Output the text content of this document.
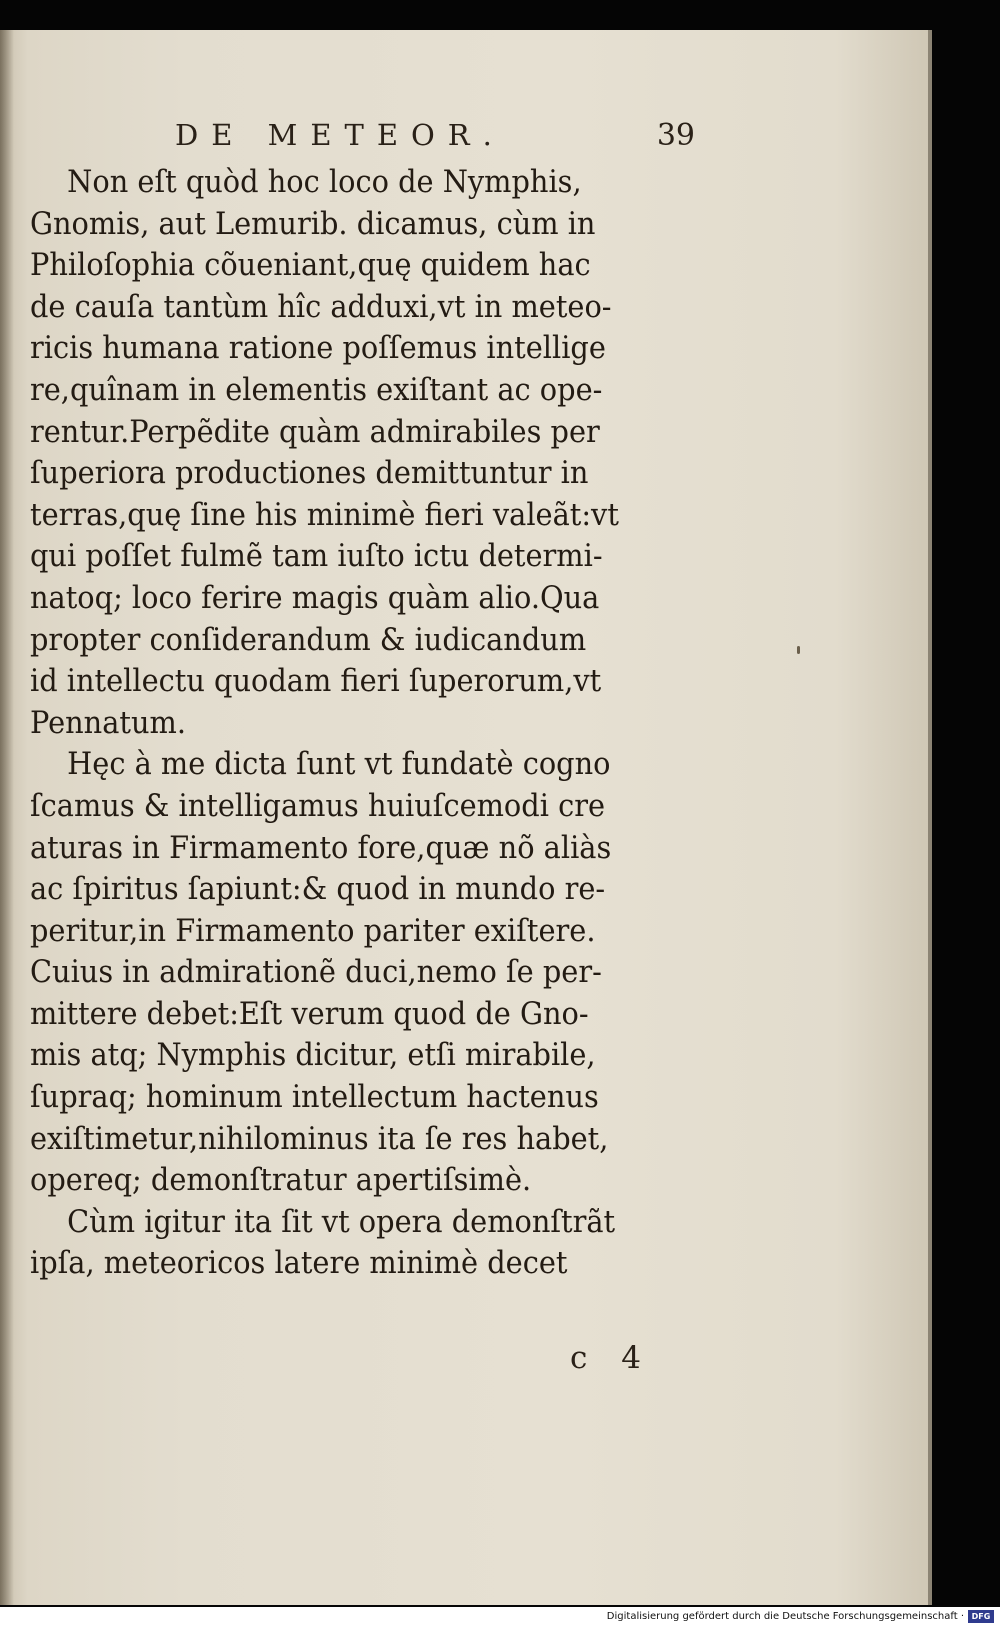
DE METEOR.	39
Non eſt quòd hoc loco de Nymphis,
Gnomis, aut Lemurib. dicamus, cùm in
Philoſophia cõueniant,quę quidem hac
de cauſa tantùm hîc adduxi,vt in meteo-
ricis humana ratione poſſemus intellige
re,quînam in elementis exiſtant ac ope-
rentur.Perpẽdite quàm admirabiles per
ſuperiora productiones demittuntur in
terras,quę ſine his minimè fieri valeãt:vt
qui poſſet fulmẽ tam iuſto ictu determi-
natoq; loco ferire magis quàm alio.Qua
propter conſiderandum & iudicandum
id intellectu quodam fieri ſuperorum,vt
Pennatum.
Hęc à me dicta ſunt vt fundatè cogno
ſcamus & intelligamus huiuſcemodi cre
aturas in Firmamento fore,quæ nõ aliàs
ac ſpiritus ſapiunt:& quod in mundo re-
peritur,in Firmamento pariter exiſtere.
Cuius in admirationẽ duci,nemo ſe per-
mittere debet:Eſt verum quod de Gno-
mis atq; Nymphis dicitur, etſi mirabile,
ſupraq; hominum intellectum hactenus
exiſtimetur,nihilominus ita ſe res habet,
opereq; demonſtratur apertiſsimè.
Cùm igitur ita ſit vt opera demonſtrãt
ipſa, meteoricos latere minimè decet
c 4
Digitalisierung gefördert durch die Deutsche Forschungsgemeinschaft · DFG
